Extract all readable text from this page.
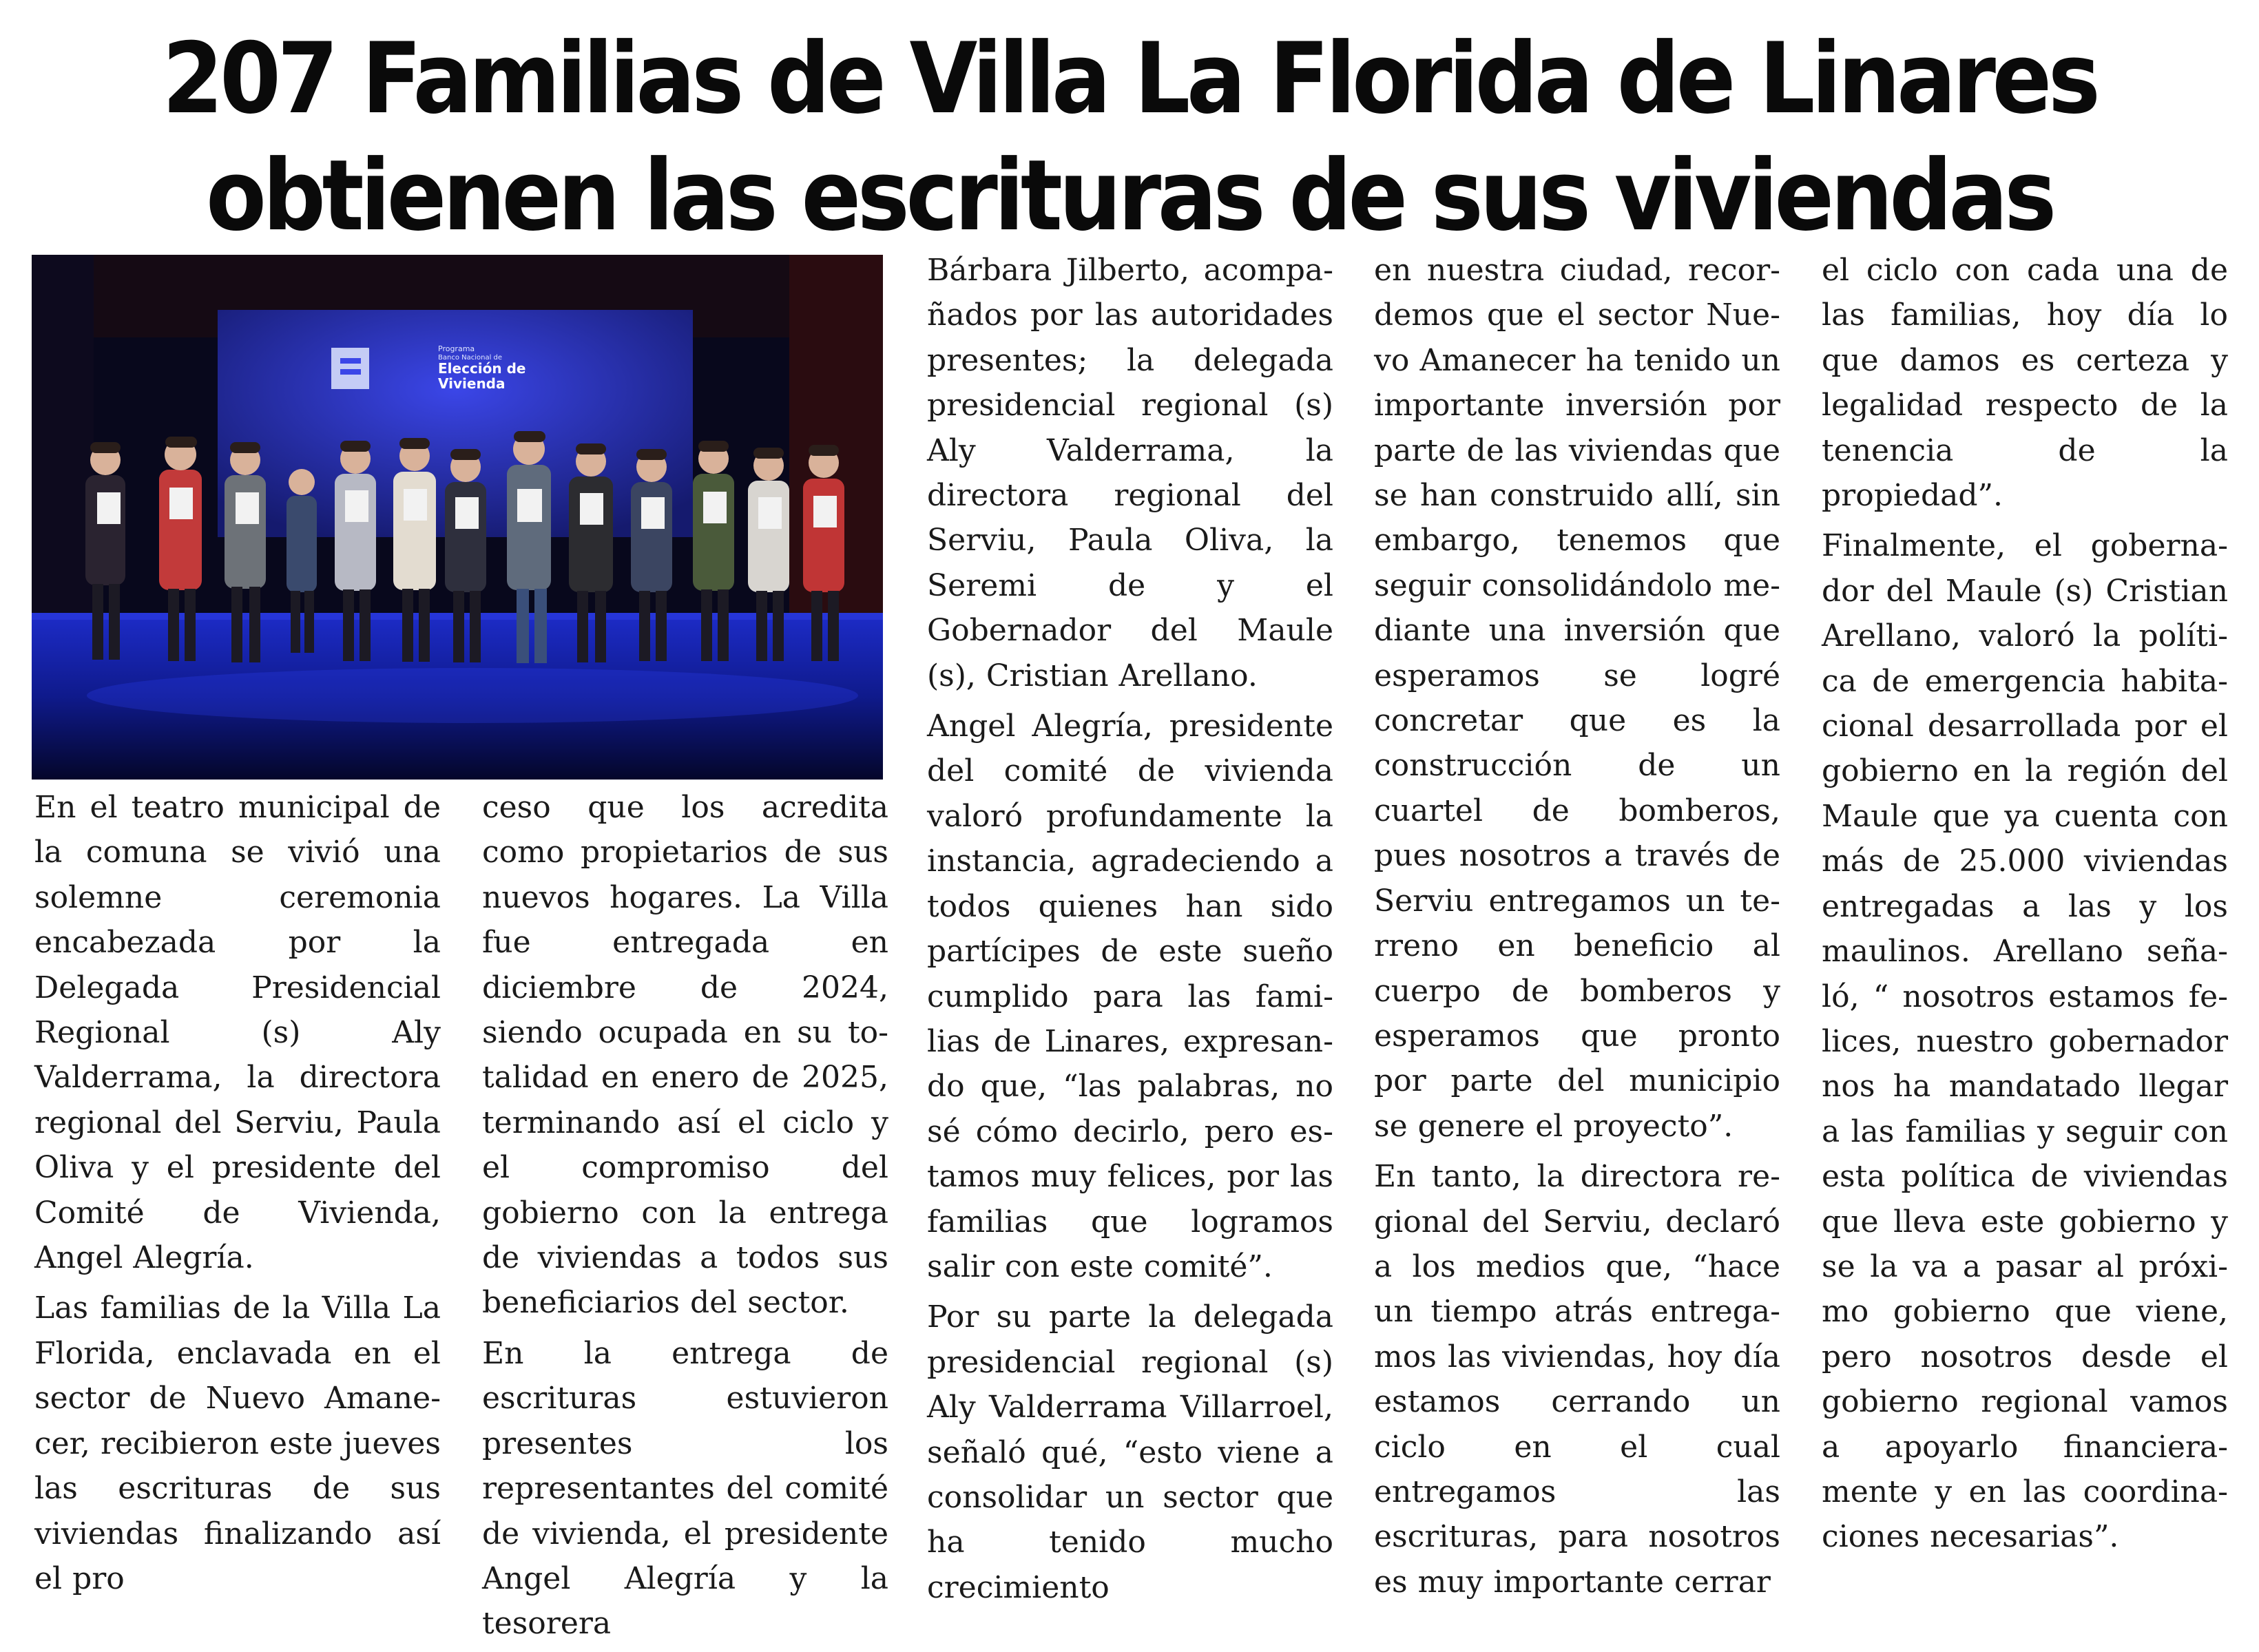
207 Familias de Villa La Florida de Linares obtienen las escrituras de sus viviendas
Programa
Banco Nacional de
Elección de
Vivienda

En el teatro municipal de la comuna se vivió una solemne ceremonia encabezada por la Delegada Presidencial Regional (s) Aly Valderrama, la directora regional del Serviu, Paula Oliva y el presidente del Comité de Vivienda, Angel Alegría.

Las familias de la Villa La Florida, enclavada en el sector de Nuevo Amanecer, recibieron este jueves las escrituras de sus viviendas finalizando así el pro

ceso que los acredita como propietarios de sus nuevos hogares. La Villa fue entregada en diciembre de 2024, siendo ocupada en su totalidad en enero de 2025, terminando así el ciclo y el compromiso del gobierno con la entrega de viviendas a todos sus beneficiarios del sector.

En la entrega de escrituras estuvieron presentes los representantes del comité de vivienda, el presidente Angel Alegría y la tesorera

Bárbara Jilberto, acompañados por las autoridades presentes; la delegada presidencial regional (s) Aly Valderrama, la directora regional del Serviu, Paula Oliva, la Seremi de y el Gobernador del Maule (s), Cristian Arellano.

Angel Alegría, presidente del comité de vivienda valoró profundamente la instancia, agradeciendo a todos quienes han sido partícipes de este sueño cumplido para las familias de Linares, expresando que, “las palabras, no sé cómo decirlo, pero estamos muy felices, por las familias que logramos salir con este comité”.

Por su parte la delegada presidencial regional (s) Aly Valderrama Villarroel, señaló qué, “esto viene a consolidar un sector que ha tenido mucho crecimiento

en nuestra ciudad, recordemos que el sector Nuevo Amanecer ha tenido un importante inversión por parte de las viviendas que se han construido allí, sin embargo, tenemos que seguir consolidándolo mediante una inversión que esperamos se logré concretar que es la construcción de un cuartel de bomberos, pues nosotros a través de Serviu entregamos un terreno en beneficio al cuerpo de bomberos y esperamos que pronto por parte del municipio se genere el proyecto”.

En tanto, la directora regional del Serviu, declaró a los medios que, “hace un tiempo atrás entregamos las viviendas, hoy día estamos cerrando un ciclo en el cual entregamos las escrituras, para nosotros es muy importante cerrar

el ciclo con cada una de las familias, hoy día lo que damos es certeza y legalidad respecto de la tenencia de la propiedad”.

Finalmente, el gobernador del Maule (s) Cristian Arellano, valoró la política de emergencia habitacional desarrollada por el gobierno en la región del Maule que ya cuenta con más de 25.000 viviendas entregadas a las y los maulinos. Arellano señaló, “ nosotros estamos felices, nuestro gobernador nos ha mandatado llegar a las familias y seguir con esta política de viviendas que lleva este gobierno y se la va a pasar al próximo gobierno que viene, pero nosotros desde el gobierno regional vamos a apoyarlo financieramente y en las coordinaciones necesarias”.
